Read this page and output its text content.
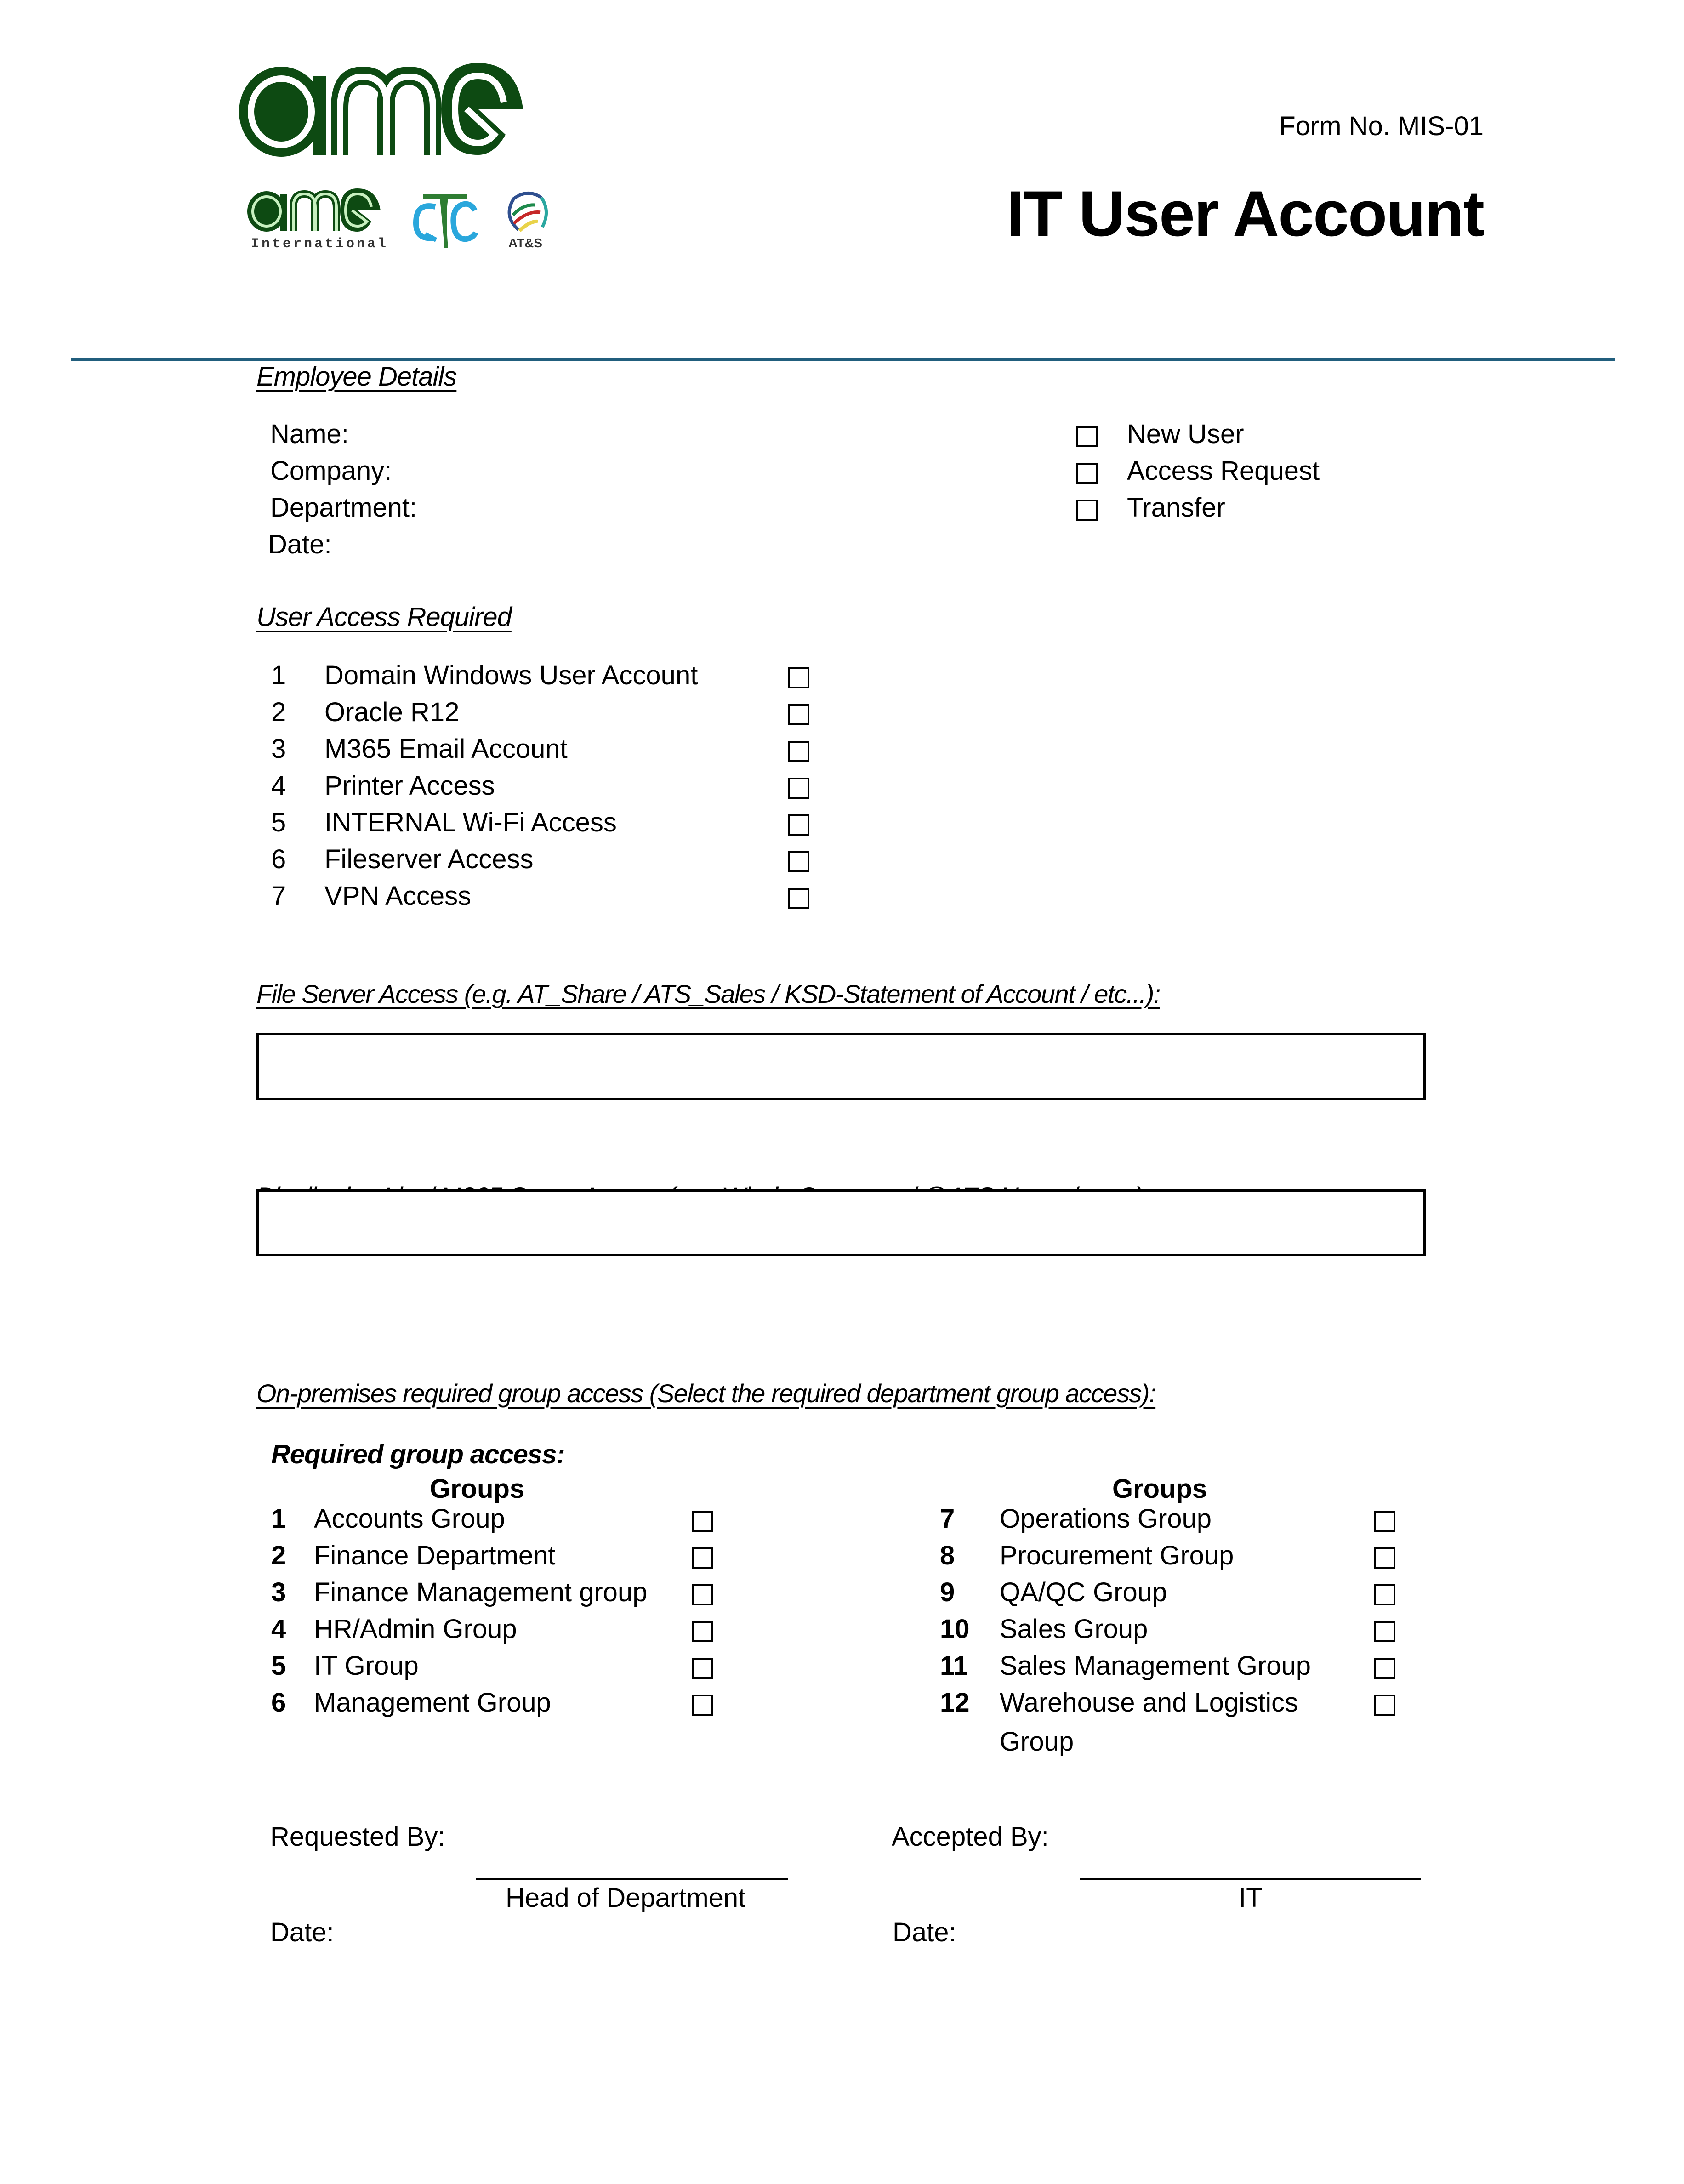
International	AT&S
Form No. MIS-01
IT User Account
Employee Details
Name:
Company:
Department:
Date:
New User
Access Request
Transfer
User Access Required
1 Domain Windows User Account
2 Oracle R12
3 M365 Email Account
4 Printer Access
5 INTERNAL Wi-Fi Access
6 Fileserver Access
7 VPN Access
File Server Access (e.g. AT_Share / ATS_Sales / KSD-Statement of Account / etc...):
On-premises required group access (Select the required department group access):
Required group access:
Groups	Groups
1 Accounts Group
2 Finance Department
3 Finance Management group
4 HR/Admin Group
5 IT Group
6 Management Group
7 Operations Group
8 Procurement Group
9 QA/QC Group
10 Sales Group
11 Sales Management Group
12 Warehouse and Logistics
Group
Requested By:
Head of Department
Date:
Accepted By:
IT
Date:
